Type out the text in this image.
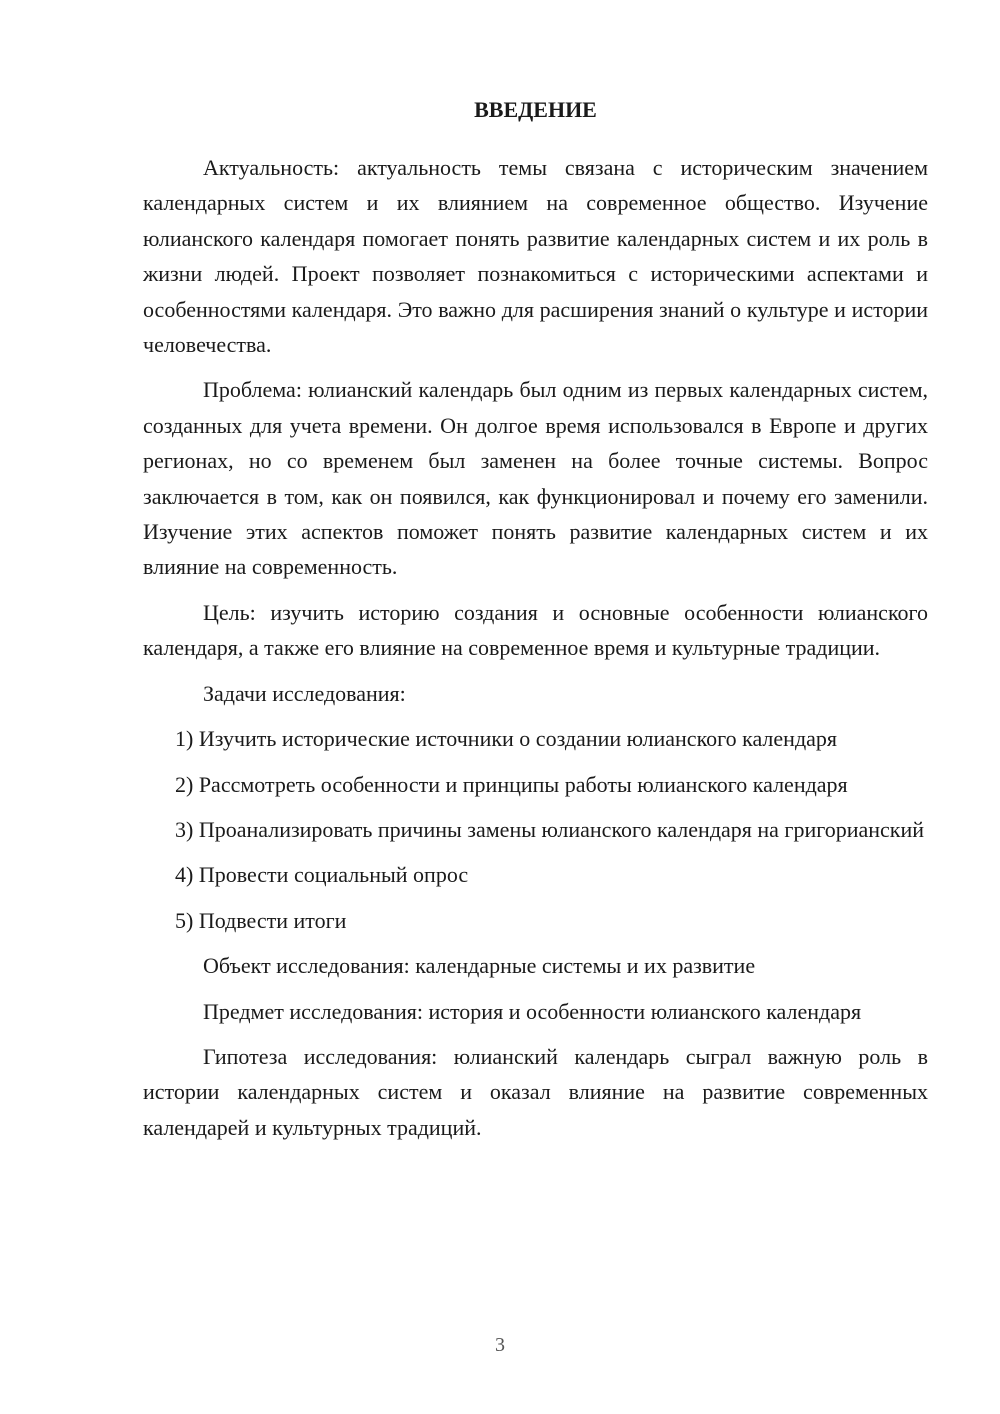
ВВЕДЕНИЕ

Актуальность: актуальность темы связана с историческим значением календарных систем и их влиянием на современное общество. Изучение юлианского календаря помогает понять развитие календарных систем и их роль в жизни людей. Проект позволяет познакомиться с историческими аспектами и особенностями календаря. Это важно для расширения знаний о культуре и истории человечества.

Проблема: юлианский календарь был одним из первых календарных систем, созданных для учета времени. Он долгое время использовался в Европе и других регионах, но со временем был заменен на более точные системы. Вопрос заключается в том, как он появился, как функционировал и почему его заменили. Изучение этих аспектов поможет понять развитие календарных систем и их влияние на современность.

Цель: изучить историю создания и основные особенности юлианского календаря, а также его влияние на современное время и культурные традиции.

Задачи исследования:

1) Изучить исторические источники о создании юлианского календаря

2) Рассмотреть особенности и принципы работы юлианского календаря

3) Проанализировать причины замены юлианского календаря на григорианский

4) Провести социальный опрос

5) Подвести итоги

Объект исследования: календарные системы и их развитие

Предмет исследования: история и особенности юлианского календаря

Гипотеза исследования: юлианский календарь сыграл важную роль в истории календарных систем и оказал влияние на развитие современных календарей и культурных традиций.

3
